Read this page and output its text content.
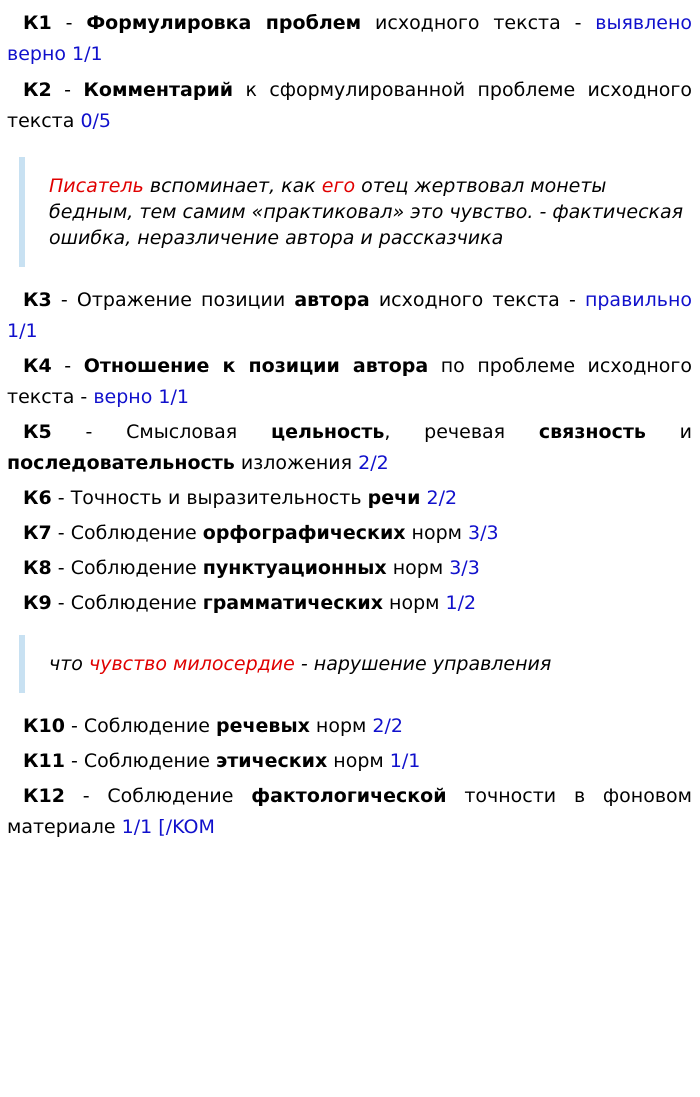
К1 - Формулировка проблем исходного текста - выявлено верно 1/1

К2 - Комментарий к сформулированной проблеме исходного текста 0/5

Писатель вспоминает, как его отец жертвовал монеты бедным, тем самим «практиковал» это чувство. - фактическая ошибка, неразличение автора и рассказчика

К3 - Отражение позиции автора исходного текста - правильно 1/1

К4 - Отношение к позиции автора по проблеме исходного текста - верно 1/1

К5 - Смысловая цельность, речевая связность и последовательность изложения 2/2

К6 - Точность и выразительность речи 2/2

К7 - Соблюдение орфографических норм 3/3

К8 - Соблюдение пунктуационных норм 3/3

К9 - Соблюдение грамматических норм 1/2

что чувство милосердие - нарушение управления

К10 - Соблюдение речевых норм 2/2

К11 - Соблюдение этических норм 1/1

К12 - Соблюдение фактологической точности в фоновом материале 1/1 [/KOM
